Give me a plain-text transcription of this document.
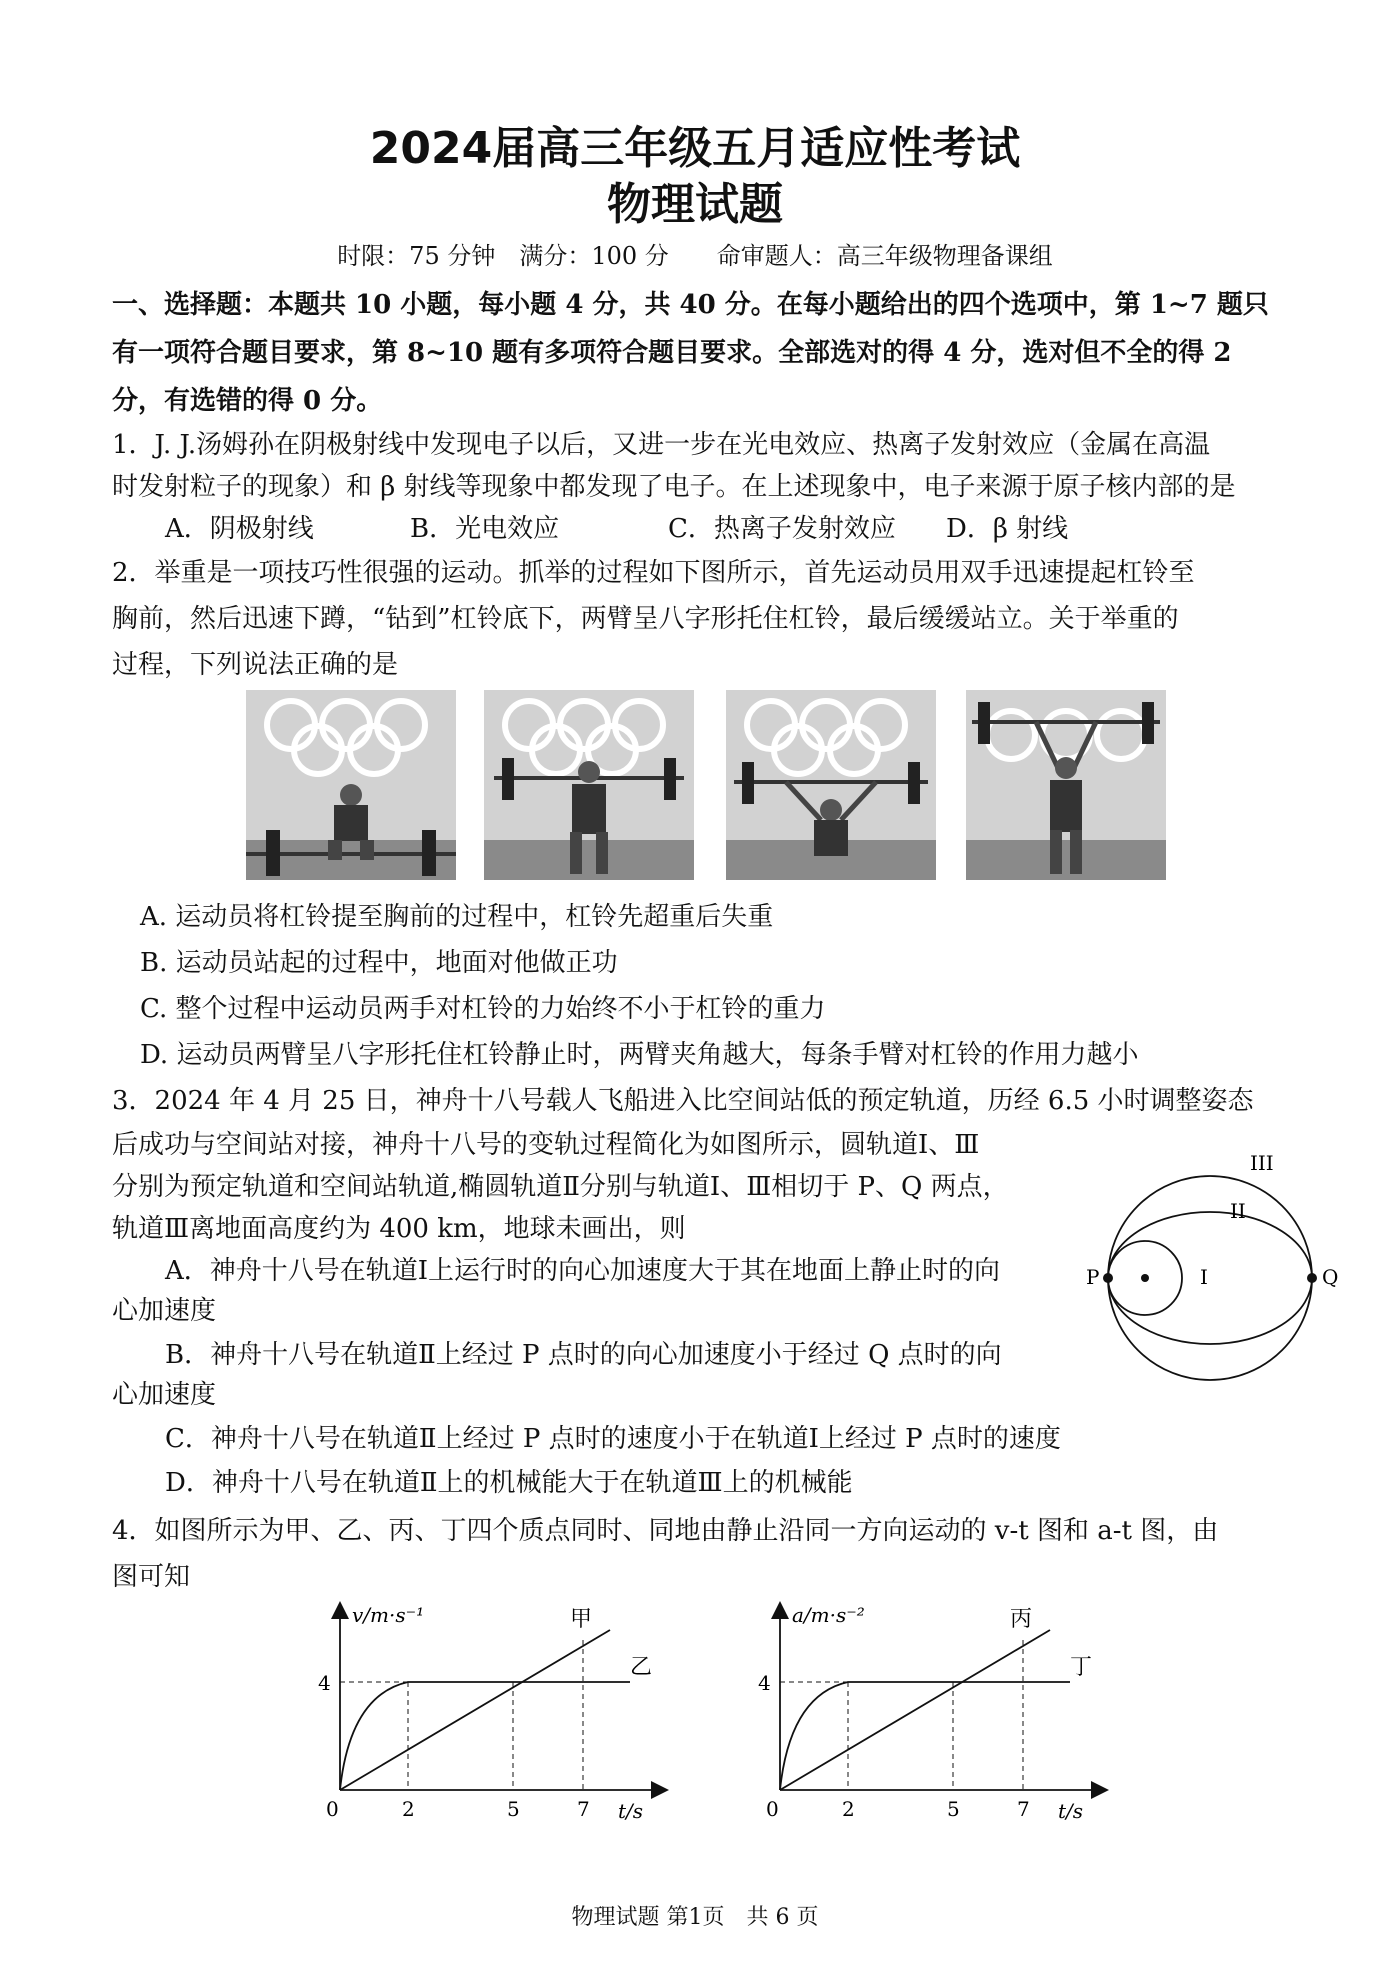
2024届高三年级五月适应性考试
物理试题
时限：75 分钟　满分：100 分　　命审题人：高三年级物理备课组
一、选择题：本题共 10 小题，每小题 4 分，共 40 分。在每小题给出的四个选项中，第 1~7 题只
有一项符合题目要求，第 8~10 题有多项符合题目要求。全部选对的得 4 分，选对但不全的得 2
分，有选错的得 0 分。
1．J. J.汤姆孙在阴极射线中发现电子以后，又进一步在光电效应、热离子发射效应（金属在高温
时发射粒子的现象）和 β 射线等现象中都发现了电子。在上述现象中，电子来源于原子核内部的是
A．阴极射线	B．光电效应	C．热离子发射效应 D．β 射线
2．举重是一项技巧性很强的运动。抓举的过程如下图所示，首先运动员用双手迅速提起杠铃至
胸前，然后迅速下蹲，“钻到”杠铃底下，两臂呈八字形托住杠铃，最后缓缓站立。关于举重的
过程，下列说法正确的是
A. 运动员将杠铃提至胸前的过程中，杠铃先超重后失重
B. 运动员站起的过程中，地面对他做正功
C. 整个过程中运动员两手对杠铃的力始终不小于杠铃的重力
D. 运动员两臂呈八字形托住杠铃静止时，两臂夹角越大，每条手臂对杠铃的作用力越小
3．2024 年 4 月 25 日，神舟十八号载人飞船进入比空间站低的预定轨道，历经 6.5 小时调整姿态
后成功与空间站对接，神舟十八号的变轨过程简化为如图所示，圆轨道Ⅰ、Ⅲ
分别为预定轨道和空间站轨道,椭圆轨道Ⅱ分别与轨道Ⅰ、Ⅲ相切于 P、Q 两点，
轨道Ⅲ离地面高度约为 400 km，地球未画出，则
A．神舟十八号在轨道Ⅰ上运行时的向心加速度大于其在地面上静止时的向
心加速度
B．神舟十八号在轨道Ⅱ上经过 P 点时的向心加速度小于经过 Q 点时的向
心加速度
C．神舟十八号在轨道Ⅱ上经过 P 点时的速度小于在轨道Ⅰ上经过 P 点时的速度
D．神舟十八号在轨道Ⅱ上的机械能大于在轨道Ⅲ上的机械能
III
II
I
P	Q
4．如图所示为甲、乙、丙、丁四个质点同时、同地由静止沿同一方向运动的 v-t 图和 a-t 图，由
图可知
v/m·s⁻¹
t/s
甲
乙
4
0	2	5	7
a/m·s⁻²
t/s
丙
丁
4
0	2	5	7
物理试题 第1页　共 6 页
